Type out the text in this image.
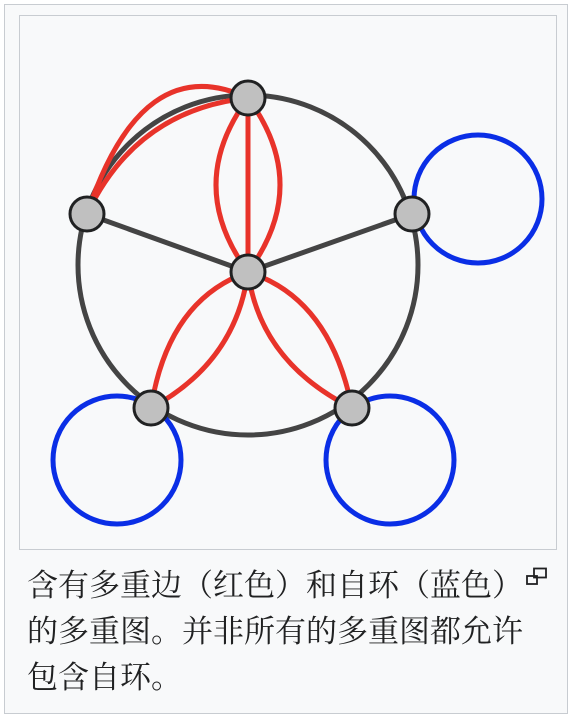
含有多重边（红色）和自环（蓝色）的多重图。并非所有的多重图都允许包含自环。
